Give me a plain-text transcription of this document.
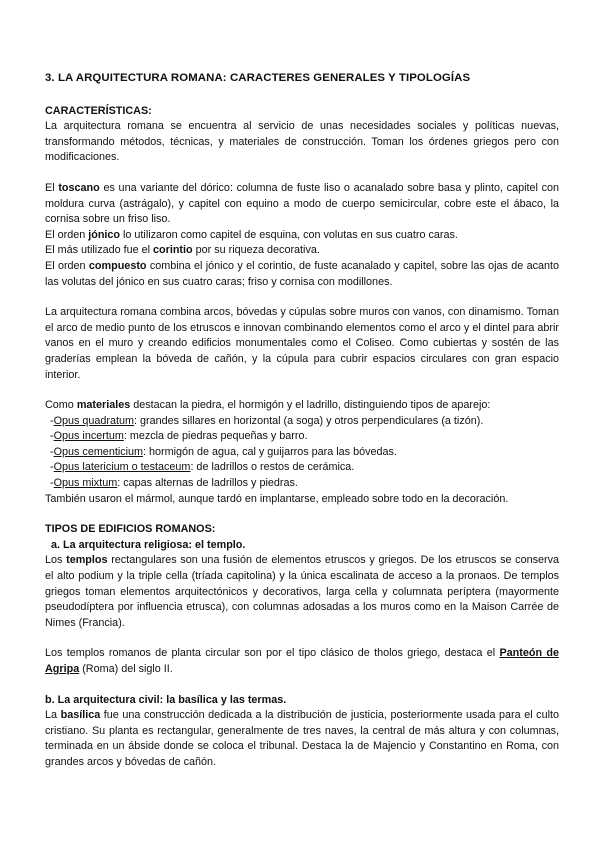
3. LA ARQUITECTURA ROMANA: CARACTERES GENERALES Y TIPOLOGÍAS
CARACTERÍSTICAS:

La arquitectura romana se encuentra al servicio de unas necesidades sociales y políticas nuevas, transformando métodos, técnicas, y materiales de construcción. Toman los órdenes griegos pero con modificaciones.

El toscano es una variante del dórico: columna de fuste liso o acanalado sobre basa y plinto, capitel con moldura curva (astrágalo), y capitel con equino a modo de cuerpo semicircular, cobre este el ábaco, la cornisa sobre un friso liso.

El orden jónico lo utilizaron como capitel de esquina, con volutas en sus cuatro caras.

El más utilizado fue el corintio por su riqueza decorativa.

El orden compuesto combina el jónico y el corintio, de fuste acanalado y capitel, sobre las ojas de acanto las volutas del jónico en sus cuatro caras; friso y cornisa con modillones.

La arquitectura romana combina arcos, bóvedas y cúpulas sobre muros con vanos, con dinamismo. Toman el arco de medio punto de los etruscos e innovan combinando elementos como el arco y el dintel para abrir vanos en el muro y creando edificios monumentales como el Coliseo. Como cubiertas y sostén de las graderías emplean la bóveda de cañón, y la cúpula para cubrir espacios circulares con gran espacio interior.

Como materiales destacan la piedra, el hormigón y el ladrillo, distinguiendo tipos de aparejo:

-Opus quadratum: grandes sillares en horizontal (a soga) y otros perpendiculares (a tizón).
-Opus incertum: mezcla de piedras pequeñas y barro.
-Opus cementicium: hormigón de agua, cal y guijarros para las bóvedas.
-Opus latericium o testaceum: de ladrillos o restos de cerámica.
-Opus mixtum: capas alternas de ladrillos y piedras.

También usaron el mármol, aunque tardó en implantarse, empleado sobre todo en la decoración.

TIPOS DE EDIFICIOS ROMANOS:
a. La arquitectura religiosa: el templo.

Los templos rectangulares son una fusión de elementos etruscos y griegos. De los etruscos se conserva el alto podium y la triple cella (tríada capitolina) y la única escalinata de acceso a la pronaos. De templos griegos toman elementos arquitectónicos y decorativos, larga cella y columnata períptera (mayormente pseudodíptera por influencia etrusca), con columnas adosadas a los muros como en la Maison Carrée de Nimes (Francia).

Los templos romanos de planta circular son por el tipo clásico de tholos griego, destaca el Panteón de Agripa (Roma) del siglo II.

b. La arquitectura civil: la basílica y las termas.

La basílica fue una construcción dedicada a la distribución de justicia, posteriormente usada para el culto cristiano. Su planta es rectangular, generalmente de tres naves, la central de más altura y con columnas, terminada en un ábside donde se coloca el tribunal. Destaca la de Majencio y Constantino en Roma, con grandes arcos y bóvedas de cañón.
